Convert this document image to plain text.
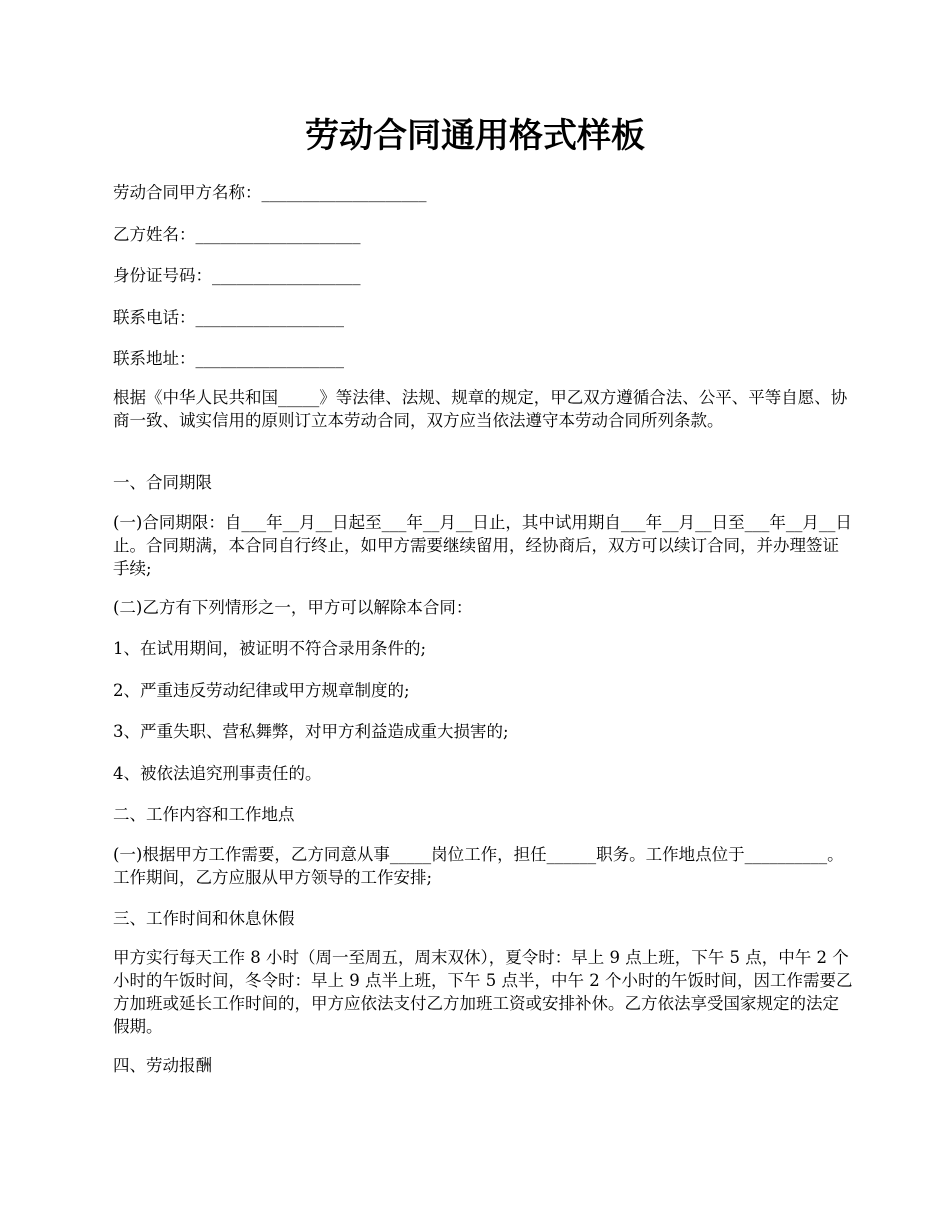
劳动合同通用格式样板

劳动合同甲方名称：____________________

乙方姓名：____________________

身份证号码：__________________

联系电话：__________________

联系地址：__________________

根据《中华人民共和国_____》等法律、法规、规章的规定，甲乙双方遵循合法、公平、平等自愿、协商一致、诚实信用的原则订立本劳动合同，双方应当依法遵守本劳动合同所列条款。

一、合同期限

(一)合同期限：自___年__月__日起至___年__月__日止，其中试用期自___年__月__日至___年__月__日止。合同期满，本合同自行终止，如甲方需要继续留用，经协商后，双方可以续订合同，并办理签证手续;

(二)乙方有下列情形之一，甲方可以解除本合同：

1、在试用期间，被证明不符合录用条件的;

2、严重违反劳动纪律或甲方规章制度的;

3、严重失职、营私舞弊，对甲方利益造成重大损害的;

4、被依法追究刑事责任的。

二、工作内容和工作地点

(一)根据甲方工作需要，乙方同意从事_____岗位工作，担任______职务。工作地点位于__________。工作期间，乙方应服从甲方领导的工作安排;

三、工作时间和休息休假

甲方实行每天工作 8 小时（周一至周五，周末双休），夏令时：早上 9 点上班，下午 5 点，中午 2 个小时的午饭时间，冬令时：早上 9 点半上班，下午 5 点半，中午 2 个小时的午饭时间，因工作需要乙方加班或延长工作时间的，甲方应依法支付乙方加班工资或安排补休。乙方依法享受国家规定的法定假期。

四、劳动报酬
